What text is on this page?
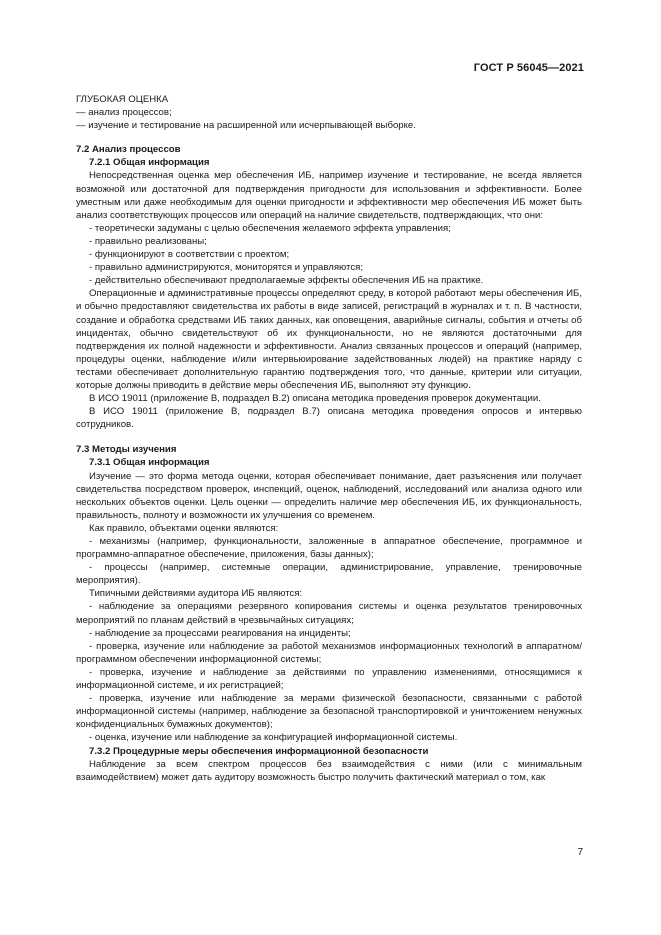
ГОСТ Р 56045—2021

ГЛУБОКАЯ ОЦЕНКА

— анализ процессов;

— изучение и тестирование на расширенной или исчерпывающей выборке.

7.2 Анализ процессов

7.2.1 Общая информация

Непосредственная оценка мер обеспечения ИБ, например изучение и тестирование, не всегда является возможной или достаточной для подтверждения пригодности для использования и эффективности. Более уместным или даже необходимым для оценки пригодности и эффективности мер обеспечения ИБ может быть анализ соответствующих процессов или операций на наличие свидетельств, подтверждающих, что они:

- теоретически задуманы с целью обеспечения желаемого эффекта управления;

- правильно реализованы;

- функционируют в соответствии с проектом;

- правильно администрируются, мониторятся и управляются;

- действительно обеспечивают предполагаемые эффекты обеспечения ИБ на практике.

Операционные и административные процессы определяют среду, в которой работают меры обеспечения ИБ, и обычно предоставляют свидетельства их работы в виде записей, регистраций в журналах и т. п. В частности, создание и обработка средствами ИБ таких данных, как оповещения, аварийные сигналы, события и отчеты об инцидентах, обычно свидетельствуют об их функциональности, но не являются достаточными для подтверждения их полной надежности и эффективности. Анализ связанных процессов и операций (например, процедуры оценки, наблюдение и/или интервьюирование задействованных людей) на практике наряду с тестами обеспечивает дополнительную гарантию подтверждения того, что данные, критерии или ситуации, которые должны приводить в действие меры обеспечения ИБ, выполняют эту функцию.

В ИСО 19011 (приложение В, подраздел В.2) описана методика проведения проверок документации.

В ИСО 19011 (приложение В, подраздел В.7) описана методика проведения опросов и интервью сотрудников.

7.3 Методы изучения

7.3.1 Общая информация

Изучение — это форма метода оценки, которая обеспечивает понимание, дает разъяснения или получает свидетельства посредством проверок, инспекций, оценок, наблюдений, исследований или анализа одного или нескольких объектов оценки. Цель оценки — определить наличие мер обеспечения ИБ, их функциональность, правильность, полноту и возможности их улучшения со временем.

Как правило, объектами оценки являются:

- механизмы (например, функциональности, заложенные в аппаратное обеспечение, программное и программно-аппаратное обеспечение, приложения, базы данных);

- процессы (например, системные операции, администрирование, управление, тренировочные мероприятия).

Типичными действиями аудитора ИБ являются:

- наблюдение за операциями резервного копирования системы и оценка результатов тренировочных мероприятий по планам действий в чрезвычайных ситуациях;

- наблюдение за процессами реагирования на инциденты;

- проверка, изучение или наблюдение за работой механизмов информационных технологий в аппаратном/программном обеспечении информационной системы;

- проверка, изучение и наблюдение за действиями по управлению изменениями, относящимися к информационной системе, и их регистрацией;

- проверка, изучение или наблюдение за мерами физической безопасности, связанными с работой информационной системы (например, наблюдение за безопасной транспортировкой и уничтожением ненужных конфиденциальных бумажных документов);

- оценка, изучение или наблюдение за конфигурацией информационной системы.

7.3.2 Процедурные меры обеспечения информационной безопасности

Наблюдение за всем спектром процессов без взаимодействия с ними (или с минимальным взаимодействием) может дать аудитору возможность быстро получить фактический материал о том, как

7
